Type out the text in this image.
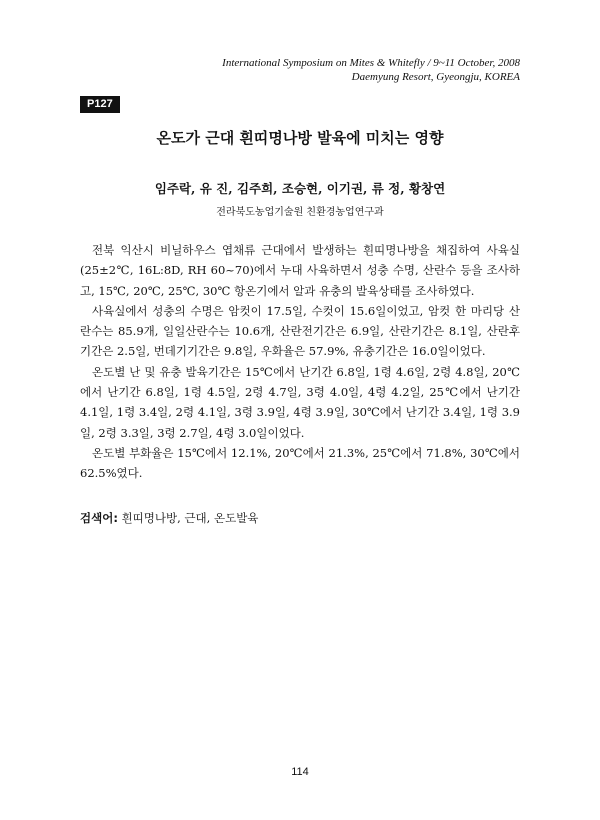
International Symposium on Mites & Whitefly / 9~11 October, 2008
Daemyung Resort, Gyeongju, KOREA
P127
온도가 근대 흰띠명나방 발육에 미치는 영향
임주락, 유 진, 김주희, 조승현, 이기권, 류 정, 황창연
전라북도농업기술원 친환경농업연구과

전북 익산시 비닐하우스 엽채류 근대에서 발생하는 흰띠명나방을 채집하여 사육실(25±2℃, 16L:8D, RH 60~70)에서 누대 사육하면서 성충 수명, 산란수 등을 조사하고, 15℃, 20℃, 25℃, 30℃ 항온기에서 알과 유충의 발육상태를 조사하였다.

사육실에서 성충의 수명은 암컷이 17.5일, 수컷이 15.6일이었고, 암컷 한 마리당 산란수는 85.9개, 일일산란수는 10.6개, 산란전기간은 6.9일, 산란기간은 8.1일, 산란후기간은 2.5일, 번데기기간은 9.8일, 우화율은 57.9%, 유충기간은 16.0일이었다.

온도별 난 및 유충 발육기간은 15℃에서 난기간 6.8일, 1령 4.6일, 2령 4.8일, 20℃에서 난기간 6.8일, 1령 4.5일, 2령 4.7일, 3령 4.0일, 4령 4.2일, 25℃에서 난기간 4.1일, 1령 3.4일, 2령 4.1일, 3령 3.9일, 4령 3.9일, 30℃에서 난기간 3.4일, 1령 3.9일, 2령 3.3일, 3령 2.7일, 4령 3.0일이었다.

온도별 부화율은 15℃에서 12.1%, 20℃에서 21.3%, 25℃에서 71.8%, 30℃에서 62.5%였다.

검색어: 흰띠명나방, 근대, 온도발육
114
